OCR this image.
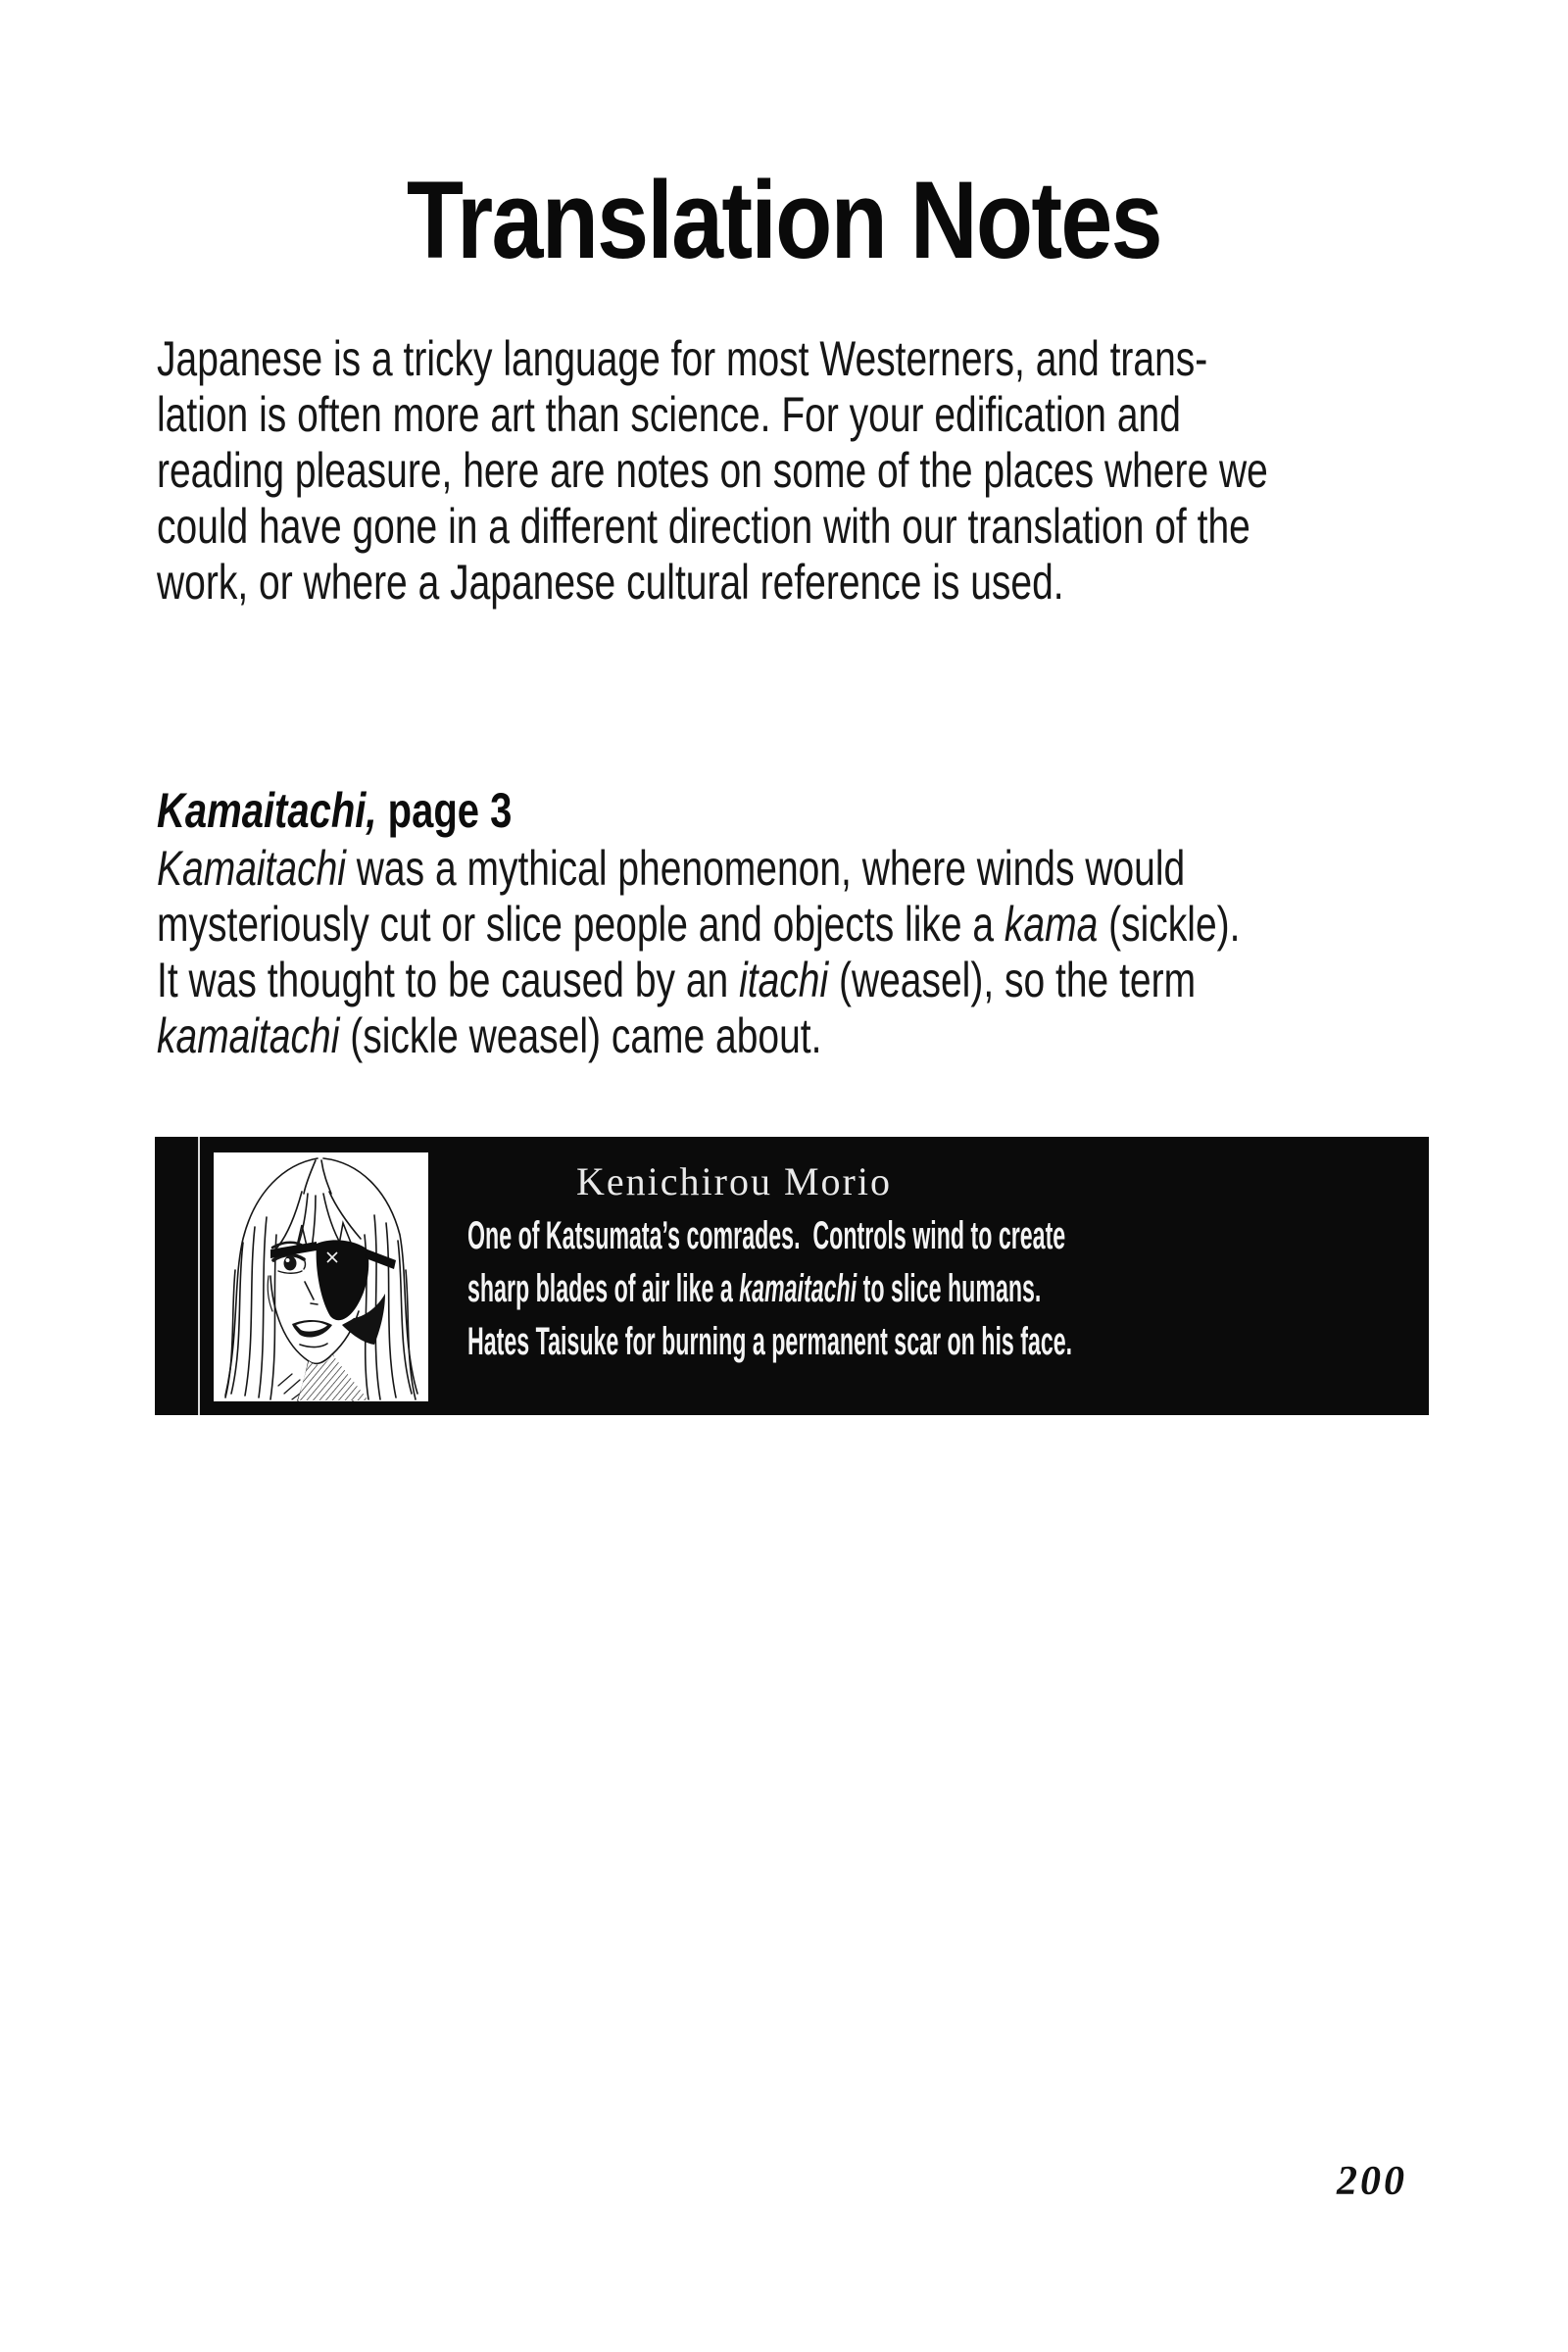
Translation Notes
Japanese is a tricky language for most Westerners, and trans-
lation is often more art than science. For your edification and
reading pleasure, here are notes on some of the places where we
could have gone in a different direction with our translation of the
work, or where a Japanese cultural reference is used.
Kamaitachi, page 3
Kamaitachi was a mythical phenomenon, where winds would
mysteriously cut or slice people and objects like a kama (sickle).
It was thought to be caused by an itachi (weasel), so the term
kamaitachi (sickle weasel) came about.
Kenichirou Morio
One of Katsumata’s comrades.  Controls wind to create
sharp blades of air like a kamaitachi to slice humans.
Hates Taisuke for burning a permanent scar on his face.
200
